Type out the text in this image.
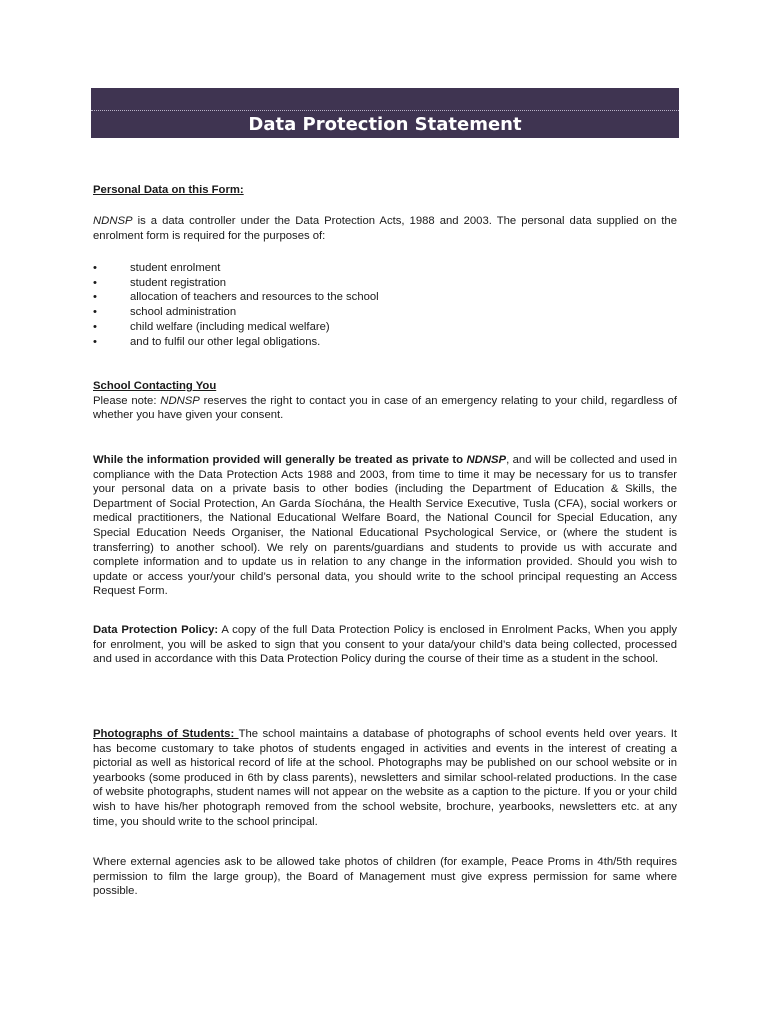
Data Protection Statement

Personal Data on this Form:

NDNSP is a data controller under the Data Protection Acts, 1988 and 2003. The personal data supplied on the enrolment form is required for the purposes of:

•	student enrolment
•	student registration
•	allocation of teachers and resources to the school
•	school administration
•	child welfare (including medical welfare)
•	and to fulfil our other legal obligations.

School Contacting You
Please note: NDNSP reserves the right to contact you in case of an emergency relating to your child, regardless of whether you have given your consent.

While the information provided will generally be treated as private to NDNSP, and will be collected and used in compliance with the Data Protection Acts 1988 and 2003, from time to time it may be necessary for us to transfer your personal data on a private basis to other bodies (including the Department of Education & Skills, the Department of Social Protection, An Garda Síochána, the Health Service Executive, Tusla (CFA), social workers or medical practitioners, the National Educational Welfare Board, the National Council for Special Education, any Special Education Needs Organiser, the National Educational Psychological Service, or (where the student is transferring) to another school). We rely on parents/guardians and students to provide us with accurate and complete information and to update us in relation to any change in the information provided. Should you wish to update or access your/your child’s personal data, you should write to the school principal requesting an Access Request Form.

Data Protection Policy: A copy of the full Data Protection Policy is enclosed in Enrolment Packs, When you apply for enrolment, you will be asked to sign that you consent to your data/your child’s data being collected, processed and used in accordance with this Data Protection Policy during the course of their time as a student in the school.

Photographs of Students: The school maintains a database of photographs of school events held over years. It has become customary to take photos of students engaged in activities and events in the interest of creating a pictorial as well as historical record of life at the school. Photographs may be published on our school website or in yearbooks (some produced in 6th by class parents), newsletters and similar school-related productions. In the case of website photographs, student names will not appear on the website as a caption to the picture. If you or your child wish to have his/her photograph removed from the school website, brochure, yearbooks, newsletters etc. at any time, you should write to the school principal.

Where external agencies ask to be allowed take photos of children (for example, Peace Proms in 4th/5th requires permission to film the large group), the Board of Management must give express permission for same where possible.
